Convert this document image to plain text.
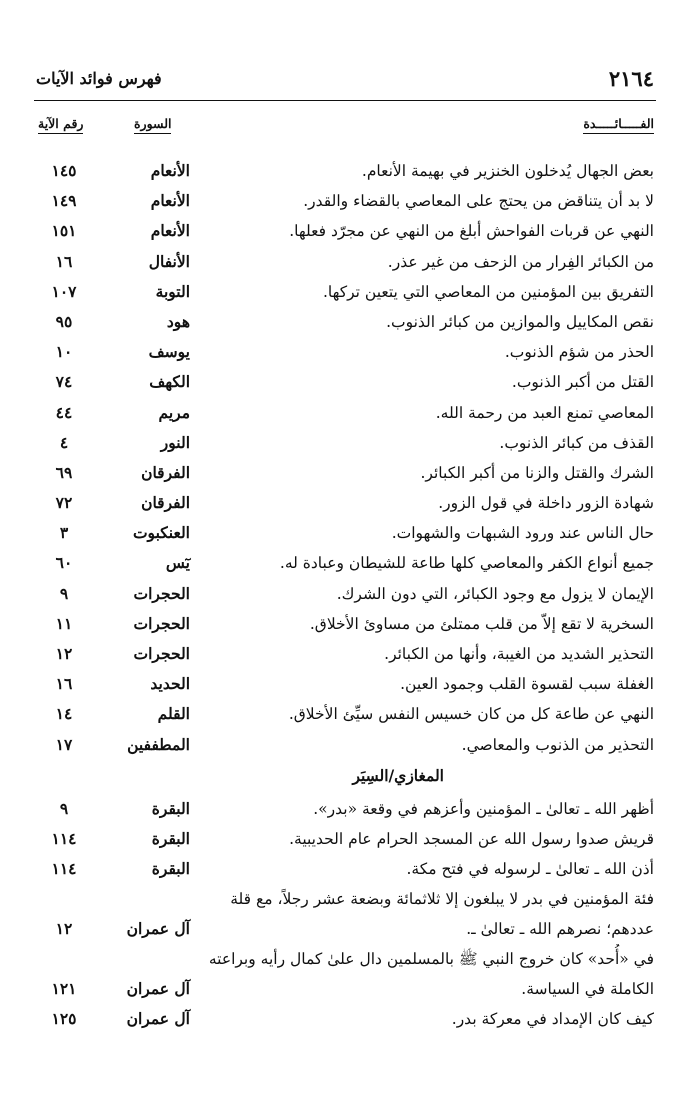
٢١٦٤
فهرس فوائد الآيات
الفـــــائـــــدة
السورة
رقم الآية
بعض الجهال يُدخلون الخنزير في بهيمة الأنعام.
الأنعام
١٤٥
لا بد أن يتناقض من يحتج على المعاصي بالقضاء والقدر.
الأنعام
١٤٩
النهي عن قربات الفواحش أبلغ من النهي عن مجرّد فعلها.
الأنعام
١٥١
من الكبائر الفِرار من الزحف من غير عذر.
الأنفال
١٦
التفريق بين المؤمنين من المعاصي التي يتعين تركها.
التوبة
١٠٧
نقص المكاييل والموازين من كبائر الذنوب.
هود
٩٥
الحذر من شؤم الذنوب.
يوسف
١٠
القتل من أكبر الذنوب.
الكهف
٧٤
المعاصي تمنع العبد من رحمة الله.
مريم
٤٤
القذف من كبائر الذنوب.
النور
٤
الشرك والقتل والزنا من أكبر الكبائر.
الفرقان
٦٩
شهادة الزور داخلة في قول الزور.
الفرقان
٧٢
حال الناس عند ورود الشبهات والشهوات.
العنكبوت
٣
جميع أنواع الكفر والمعاصي كلها طاعة للشيطان وعبادة له.
يٓس
٦٠
الإيمان لا يزول مع وجود الكبائر، التي دون الشرك.
الحجرات
٩
السخرية لا تقع إلاّ من قلب ممتلئ من مساوئ الأخلاق.
الحجرات
١١
التحذير الشديد من الغيبة، وأنها من الكبائر.
الحجرات
١٢
الغفلة سبب لقسوة القلب وجمود العين.
الحديد
١٦
النهي عن طاعة كل من كان خسيس النفس سيِّئ الأخلاق.
القلم
١٤
التحذير من الذنوب والمعاصي.
المطففين
١٧
المغازي/السِيَر
أظهر الله ـ تعالىٰ ـ المؤمنين وأعزهم في وقعة «بدر».
البقرة
٩
قريش صدوا رسول الله عن المسجد الحرام عام الحديبية.
البقرة
١١٤
أذن الله ـ تعالىٰ ـ لرسوله في فتح مكة.
البقرة
١١٤
فئة المؤمنين في بدر لا يبلغون إلا ثلاثمائة وبضعة عشر رجلاً، مع قلة عددهم؛ نصرهم الله ـ تعالىٰ ـ.
آل عمران
١٢
في «أُحد» كان خروج النبي ﷺ بالمسلمين دال علىٰ كمال رأيه وبراعته الكاملة في السياسة.
آل عمران
١٢١
كيف كان الإمداد في معركة بدر.
آل عمران
١٢٥
